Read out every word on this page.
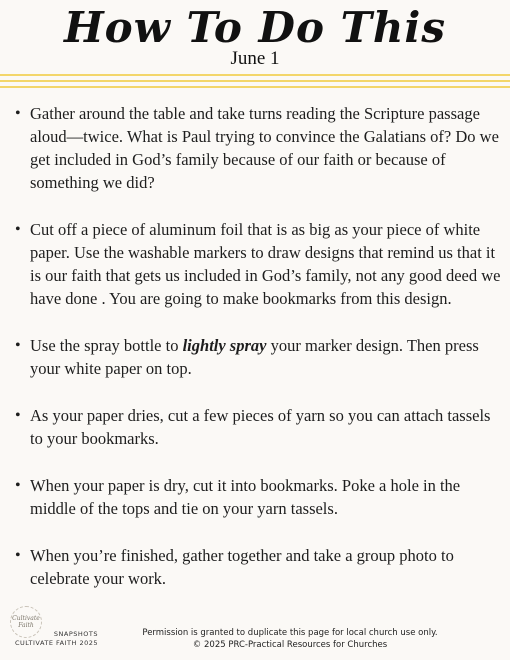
How To Do This
June 1
• Gather around the table and take turns reading the Scripture passage aloud—twice. What is Paul trying to convince the Galatians of? Do we get included in God’s family because of our faith or because of something we did?
• Cut off a piece of aluminum foil that is as big as your piece of white paper. Use the washable markers to draw designs that remind us that it is our faith that gets us included in God’s family, not any good deed we have done . You are going to make bookmarks from this design.
• Use the spray bottle to lightly spray your marker design. Then press your white paper on top.
• As your paper dries, cut a few pieces of yarn so you can attach tassels to your bookmarks.
• When your paper is dry, cut it into bookmarks. Poke a hole in the middle of the tops and tie on your yarn tassels.
• When you’re finished, gather together and take a group photo to celebrate your work.
Cultivate Faith
SNAPSHOTS
CULTIVATE FAITH 2025
Permission is granted to duplicate this page for local church use only.
© 2025 PRC-Practical Resources for Churches
